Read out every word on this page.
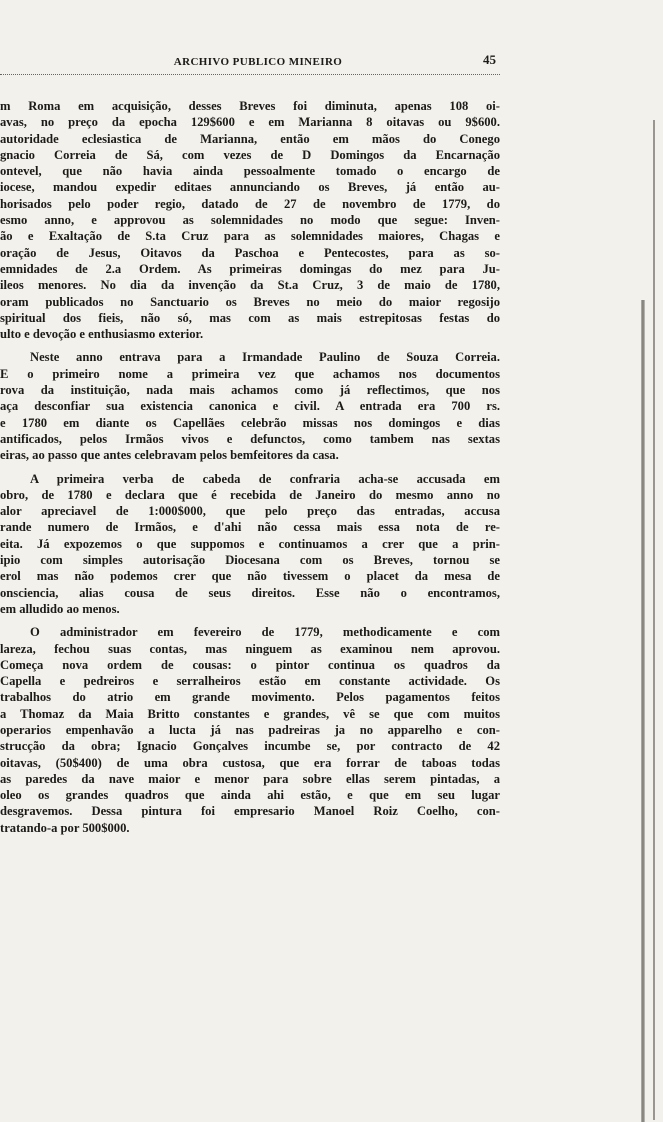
ARCHIVO PUBLICO MINEIRO	45
m Roma em acquisição, desses Breves foi diminuta, apenas 108 oi-
avas, no preço da epocha 129$600 e em Marianna 8 oitavas ou 9$600.
autoridade eclesiastica de Marianna, então em mãos do Conego
gnacio Correia de Sá, com vezes de D Domingos da Encarnação
ontevel, que não havia ainda pessoalmente tomado o encargo de
iocese, mandou expedir editaes annunciando os Breves, já então au-
horisados pelo poder regio, datado de 27 de novembro de 1779, do
esmo anno, e approvou as solemnidades no modo que segue: Inven-
ão e Exaltação de S.ta Cruz para as solemnidades maiores, Chagas e
oração de Jesus, Oitavos da Paschoa e Pentecostes, para as so-
emnidades de 2.a Ordem. As primeiras domingas do mez para Ju-
ileos menores. No dia da invenção da St.a Cruz, 3 de maio de 1780,
oram publicados no Sanctuario os Breves no meio do maior regosijo
spiritual dos fieis, não só, mas com as mais estrepitosas festas do
ulto e devoção e enthusiasmo exterior.
Neste anno entrava para a Irmandade Paulino de Souza Correia.
E o primeiro nome a primeira vez que achamos nos documentos
rova da instituição, nada mais achamos como já reflectimos, que nos
aça desconfiar sua existencia canonica e civil. A entrada era 700 rs.
e 1780 em diante os Capellães celebrão missas nos domingos e dias
antificados, pelos Irmãos vivos e defunctos, como tambem nas sextas
eiras, ao passo que antes celebravam pelos bemfeitores da casa.
A primeira verba de cabeda de confraria acha-se accusada em
obro, de 1780 e declara que é recebida de Janeiro do mesmo anno no
alor apreciavel de 1:000$000, que pelo preço das entradas, accusa
rande numero de Irmãos, e d'ahi não cessa mais essa nota de re-
eita. Já expozemos o que suppomos e continuamos a crer que a prin-
ipio com simples autorisação Diocesana com os Breves, tornou se
erol mas não podemos crer que não tivessem o placet da mesa de
onsciencia, alias cousa de seus direitos. Esse não o encontramos,
em alludido ao menos.
O administrador em fevereiro de 1779, methodicamente e com
lareza, fechou suas contas, mas ninguem as examinou nem aprovou.
Começa nova ordem de cousas: o pintor continua os quadros da
Capella e pedreiros e serralheiros estão em constante actividade. Os
trabalhos do atrio em grande movimento. Pelos pagamentos feitos
a Thomaz da Maia Britto constantes e grandes, vê se que com muitos
operarios empenhavão a lucta já nas padreiras ja no apparelho e con-
strucção da obra; Ignacio Gonçalves incumbe se, por contracto de 42
oitavas, (50$400) de uma obra custosa, que era forrar de taboas todas
as paredes da nave maior e menor para sobre ellas serem pintadas, a
oleo os grandes quadros que ainda ahi estão, e que em seu lugar
desgravemos. Dessa pintura foi empresario Manoel Roiz Coelho, con-
tratando-a por 500$000.
